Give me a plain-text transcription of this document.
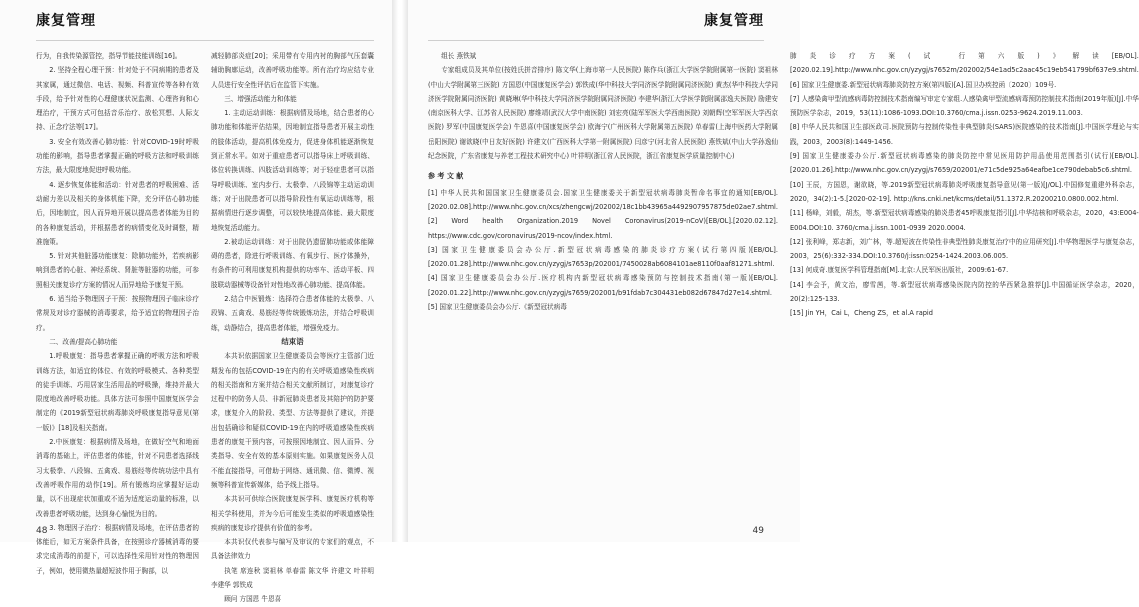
康复管理

行为，自我传染源管控，指导节能技能训练[16]。

2. 坚持全程心理干预：针对处于不同病期的患者及其家属，通过微信、电话、视频、科普宣传等各种有效手段，给予针对性的心理健康状况监测、心理咨询和心理治疗，干预方式可包括音乐治疗、放松冥想、人际支持、正念疗法等[17]。

3. 安全有效改善心肺功能：针对COVID-19时呼吸功能的影响，指导患者掌握正确的呼吸方法和呼吸训练方法，最大限度地促进呼吸功能。

4. 逐步恢复体能和活动：针对患者的呼吸困难、活动耐力差以及相关的身体机能下降，充分评估心肺功能后，因地制宜，因人而异地开展以提高患者体能为目的的各种康复活动，并根据患者的病情变化及时调整，精准施策。

5. 针对其他脏器功能康复：除肺功能外，若疾病影响到患者的心脏、神经系统、肾脏等脏器的功能，可参照相关康复诊疗方案的情况人而异地给予康复干预。

6. 适当给予物理因子干预：按照物理因子临床诊疗常规及对诊疗器械的消毒要求，给予适宜的物理因子治疗。

二、改善/提高心肺功能

1.呼吸康复：指导患者掌握正确的呼吸方法和呼吸训练方法，如适宜的体位、有效的呼吸模式、各种类型的徒手训练、巧用居家生活用品的呼吸操，维持并最大限度地改善呼吸功能。具体方法可参照中国康复医学会制定的《2019新型冠状病毒肺炎呼吸康复指导意见(第一版)》[18]及相关指南。

2.中医康复：根据病情及场地，在做好空气和地面消毒的基础上，评估患者的体能，针对不同患者选择线习太极拳、八段锦、五禽戏、易筋经等传统功法中具有改善呼吸作用的动作[19]。所有锻炼均应掌握好运动量，以不出现症状加重或不适为适度运动量的标准，以改善患者呼吸功能，达到身心愉悦为目的。

3. 物理因子治疗：根据病情及场地，在评估患者的体能后，如无方案条件具备，在按照诊疗器械消毒的要求完成消毒的前提下，可以选择性采用针对性的物理因子，例如，使用微热量超短波作用于胸部，以

减轻肺部炎症[20]；采用带有专用内衬的胸部气压套囊辅助胸廓运动，改善呼吸功能等。所有治疗均应结专业人员进行安全性评估后在监管下实施。

三、增强活动能力和体能

1. 主动运动训练：根据病情及场地，结合患者的心肺功能和体能评估结果，因地制宜指导患者开展主动性的肢体活动，提高机体免疫力，促进身体机能逐渐恢复到正常水平。如对于重症患者可以指导床上呼吸训练、体位转换训练、四肢活动训练等；对于轻症患者可以指导呼吸训练、室内步行、太极拳、八段锦等主动运动训练；对于出院患者可以指导阶段性有氧运动训练等，根据病情进行逐步调整，可以较快地提高体能、最大限度地恢复活动能力。

2.被动运动训练：对于出院仍遗留肺功能或体能障碍的患者，除进行呼吸训练、有氧步行、医疗体操外，有条件的可利用康复机构提供的功率车、活动平板、四肢联动器械等设备针对性地改善心肺功能、提高体能。

2.结合中医锻炼：选择符合患者体能的太极拳、八段锦、五禽戏、易筋经等传统锻炼功法，并结合呼吸训练，动静结合，提高患者体能，增强免疫力。

结束语

本共识依据国家卫生健康委员会等医疗主管部门近期发布的包括COVID-19在内的有关呼吸道感染性疾病的相关指南和方案并结合相关文献所制订，对康复诊疗过程中的防务人员、非新冠肺炎患者及其陪护的防护要求，康复介入的阶段、类型、方法等提供了建议，并提出包括确诊和疑似COVID-19在内的呼吸道感染性疾病患者的康复干预内容，可按照因地制宜、因人而异、分类指导、安全有效的基本原则实施。如果康复医务人员不能直接指导，可借助于网络、通讯微、信、微博、视频等科普宣传新媒体，给予线上指导。

本共识可供综合医院康复医学科、康复医疗机构等相关学科使用，并为今后可能发生类似的呼吸道感染性疾病的康复诊疗提供有价值的参考。

本共识仅代表参与编写及审议的专家们的观点，不具备法律效力

执笔 席连秋 窦祖林 单春雷 陈文华 许建文 叶祥明 李建华 郭铁成

顾问 方国恩 牛恩喜

48
康复管理

组长 燕铁斌

专家组成员及其单位(按姓氏拼音排序) 陈文华(上海市第一人民医院) 陈作兵(浙江大学医学院附属第一医院) 窦祖林(中山大学附属第三医院) 方国恩(中国康复医学会) 郭铁成(华中科技大学同济医学院附属同济医院) 黄杰(华中科技大学同济医学院附属同济医院) 黄晓琳(华中科技大学同济医学院附属同济医院) 李建华(浙江大学医学院附属邵逸夫医院) 励建安(南京医科大学、江苏省人民医院) 廖维靖(武汉大学中南医院) 刘宏亮(陆军军医大学西南医院) 刘朝辉(空军军医大学西京医院) 罗军(中国康复医学会) 牛恩喜(中国康复医学会) 欧海宁(广州医科大学附属第五医院) 单春雷(上海中医药大学附属岳阳医院) 谢欲晓(中日友好医院) 许建文(广西医科大学第一附属医院) 闫彦宁(河北省人民医院) 燕铁斌(中山大学孙逸仙纪念医院，广东省康复与养老工程技术研究中心) 叶祥明(浙江省人民医院，浙江省康复医学质量控制中心)

参 考 文 献

[1] 中华人民共和国国家卫生健康委员会.国家卫生健康委关于新型冠状病毒肺炎暂命名事宜的通知[EB/OL].[2020.02.08].http://www.nhc.gov.cn/xcs/zhengcwj/202002/18c1bb43965a4492907957875de02ae7.shtml.

[2] Word health Organization.2019 Novel Coronavirus(2019-nCoV)[EB/OL].[2020.02.12]. https://www.cdc.gov/coronavirus/2019-ncov/index.html.

[3] 国家卫生健康委员会办公厅.新型冠状病毒感染的肺炎诊疗方案(试行第四版)[EB/OL].[2020.01.28].http://www.nhc.gov.cn/yzygj/s7653p/202001/7450028ab6084101ae8110f0aaf81271.shtml.

[4] 国家卫生健康委员会办公厅.医疗机构内新型冠状病毒感染预防与控制技术指南(第一版)[EB/OL].[2020.01.22].http://www.nhc.gov.cn/yzygj/s7659/202001/b91fdab7c304431eb082d67847d27e14.shtml.

[5] 国家卫生健康委员会办公厅.《新型冠状病毒

肺炎诊疗方案(试 行第六版)》解读[EB/OL].[2020.02.19].http://www.nhc.gov.cn/yzygj/s7652m/202002/54e1ad5c2aac45c19eb541799bf637e9.shtml.

[6] 国家卫生健康委.新型冠状病毒肺炎防控方案(第四版)[A].国卫办疾控函〔2020〕109号.

[7] 人感染禽甲型流感病毒防控制技术指南编写审定专家组.人感染禽甲型流感病毒预防控制技术指南(2019年版)[J].中华预防医学杂志，2019，53(11):1086-1093.DOI:10.3760/cma.j.issn.0253-9624.2019.11.003.

[8] 中华人民共和国卫生部医政司.医院预防与控制传染性非典型肺炎(SARS)医院感染的技术指南[J].中国医学理论与实践，2003，2003(8):1449-1456.

[9] 国家卫生健康委办公厅.新型冠状病毒感染的肺炎防控中常见医用防护用品使用范围指引(试行)[EB/OL].[2020.01.26].http://www.nhc.gov.cn/yzygj/s7659/202001/e71c5de925a64eafbe1ce790debab5c6.shtml.

[10] 王辰，方国恩，谢欲晓，等.2019新型冠状病毒肺炎呼吸康复指导意见(第一版)[J/OL].中国修复重建外科杂志，2020，34(2):1-5.[2020-02-19]. http://kns.cnki.net/kcms/detail/51.1372.R.20200210.0800.002.html.

[11] 杨峰，刘毅，胡杰，等.新型冠状病毒感染的肺炎患者45呼吸康复指引[J].中华结核和呼吸杂志，2020，43:E004-E004.DOI:10. 3760/cma.j.issn.1001-0939 2020.0004.

[12] 张利峰，郑志新，刘广林，等.超短波在传染性非典型性肺炎康复治疗中的应用研究[J].中华物理医学与康复杂志，2003，25(6):332-334.DOI:10.3760/j:issn:0254-1424.2003.06.005.

[13] 何成奇.康复医学科管理指南[M].北京:人民军医出版社，2009:61-67.

[14] 李会予，黄文治，廖雪茜，等.新型冠状病毒感染医院内防控的华西紧急推荐[J].中国循证医学杂志，2020，20(2):125-133.

[15] Jin YH，Cai L，Cheng ZS，et al.A rapid

49
